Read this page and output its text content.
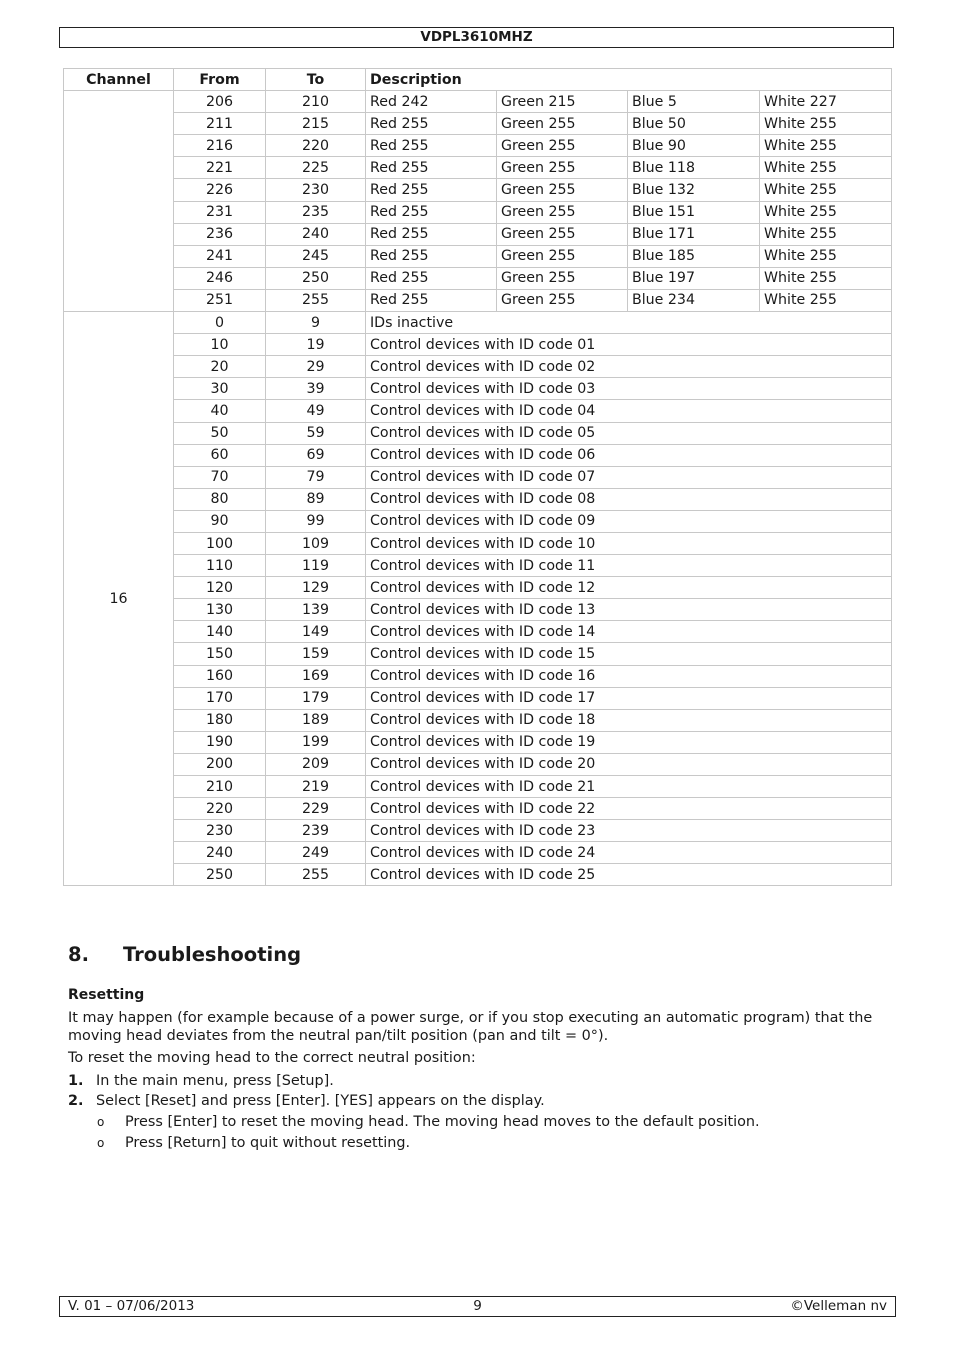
VDPL3610MHZ
Channel	From	To	Description			
	206	210	Red 242	Green 215	Blue 5	White 227
	211	215	Red 255	Green 255	Blue 50	White 255
	216	220	Red 255	Green 255	Blue 90	White 255
	221	225	Red 255	Green 255	Blue 118	White 255
	226	230	Red 255	Green 255	Blue 132	White 255
	231	235	Red 255	Green 255	Blue 151	White 255
	236	240	Red 255	Green 255	Blue 171	White 255
	241	245	Red 255	Green 255	Blue 185	White 255
	246	250	Red 255	Green 255	Blue 197	White 255
	251	255	Red 255	Green 255	Blue 234	White 255
16	0	9	IDs inactive			
	10	19	Control devices with ID code 01			
	20	29	Control devices with ID code 02			
	30	39	Control devices with ID code 03			
	40	49	Control devices with ID code 04			
	50	59	Control devices with ID code 05			
	60	69	Control devices with ID code 06			
	70	79	Control devices with ID code 07			
	80	89	Control devices with ID code 08			
	90	99	Control devices with ID code 09			
	100	109	Control devices with ID code 10			
	110	119	Control devices with ID code 11			
	120	129	Control devices with ID code 12			
	130	139	Control devices with ID code 13			
	140	149	Control devices with ID code 14			
	150	159	Control devices with ID code 15			
	160	169	Control devices with ID code 16			
	170	179	Control devices with ID code 17			
	180	189	Control devices with ID code 18			
	190	199	Control devices with ID code 19			
	200	209	Control devices with ID code 20			
	210	219	Control devices with ID code 21			
	220	229	Control devices with ID code 22			
	230	239	Control devices with ID code 23			
	240	249	Control devices with ID code 24			
	250	255	Control devices with ID code 25			
8. Troubleshooting
Resetting
It may happen (for example because of a power surge, or if you stop executing an automatic program) that the
moving head deviates from the neutral pan/tilt position (pan and tilt = 0°).
To reset the moving head to the correct neutral position:
1. In the main menu, press [Setup].
2. Select [Reset] and press [Enter]. [YES] appears on the display.
o Press [Enter] to reset the moving head. The moving head moves to the default position.
o Press [Return] to quit without resetting.
V. 01 – 07/06/2013	9	©Velleman nv
